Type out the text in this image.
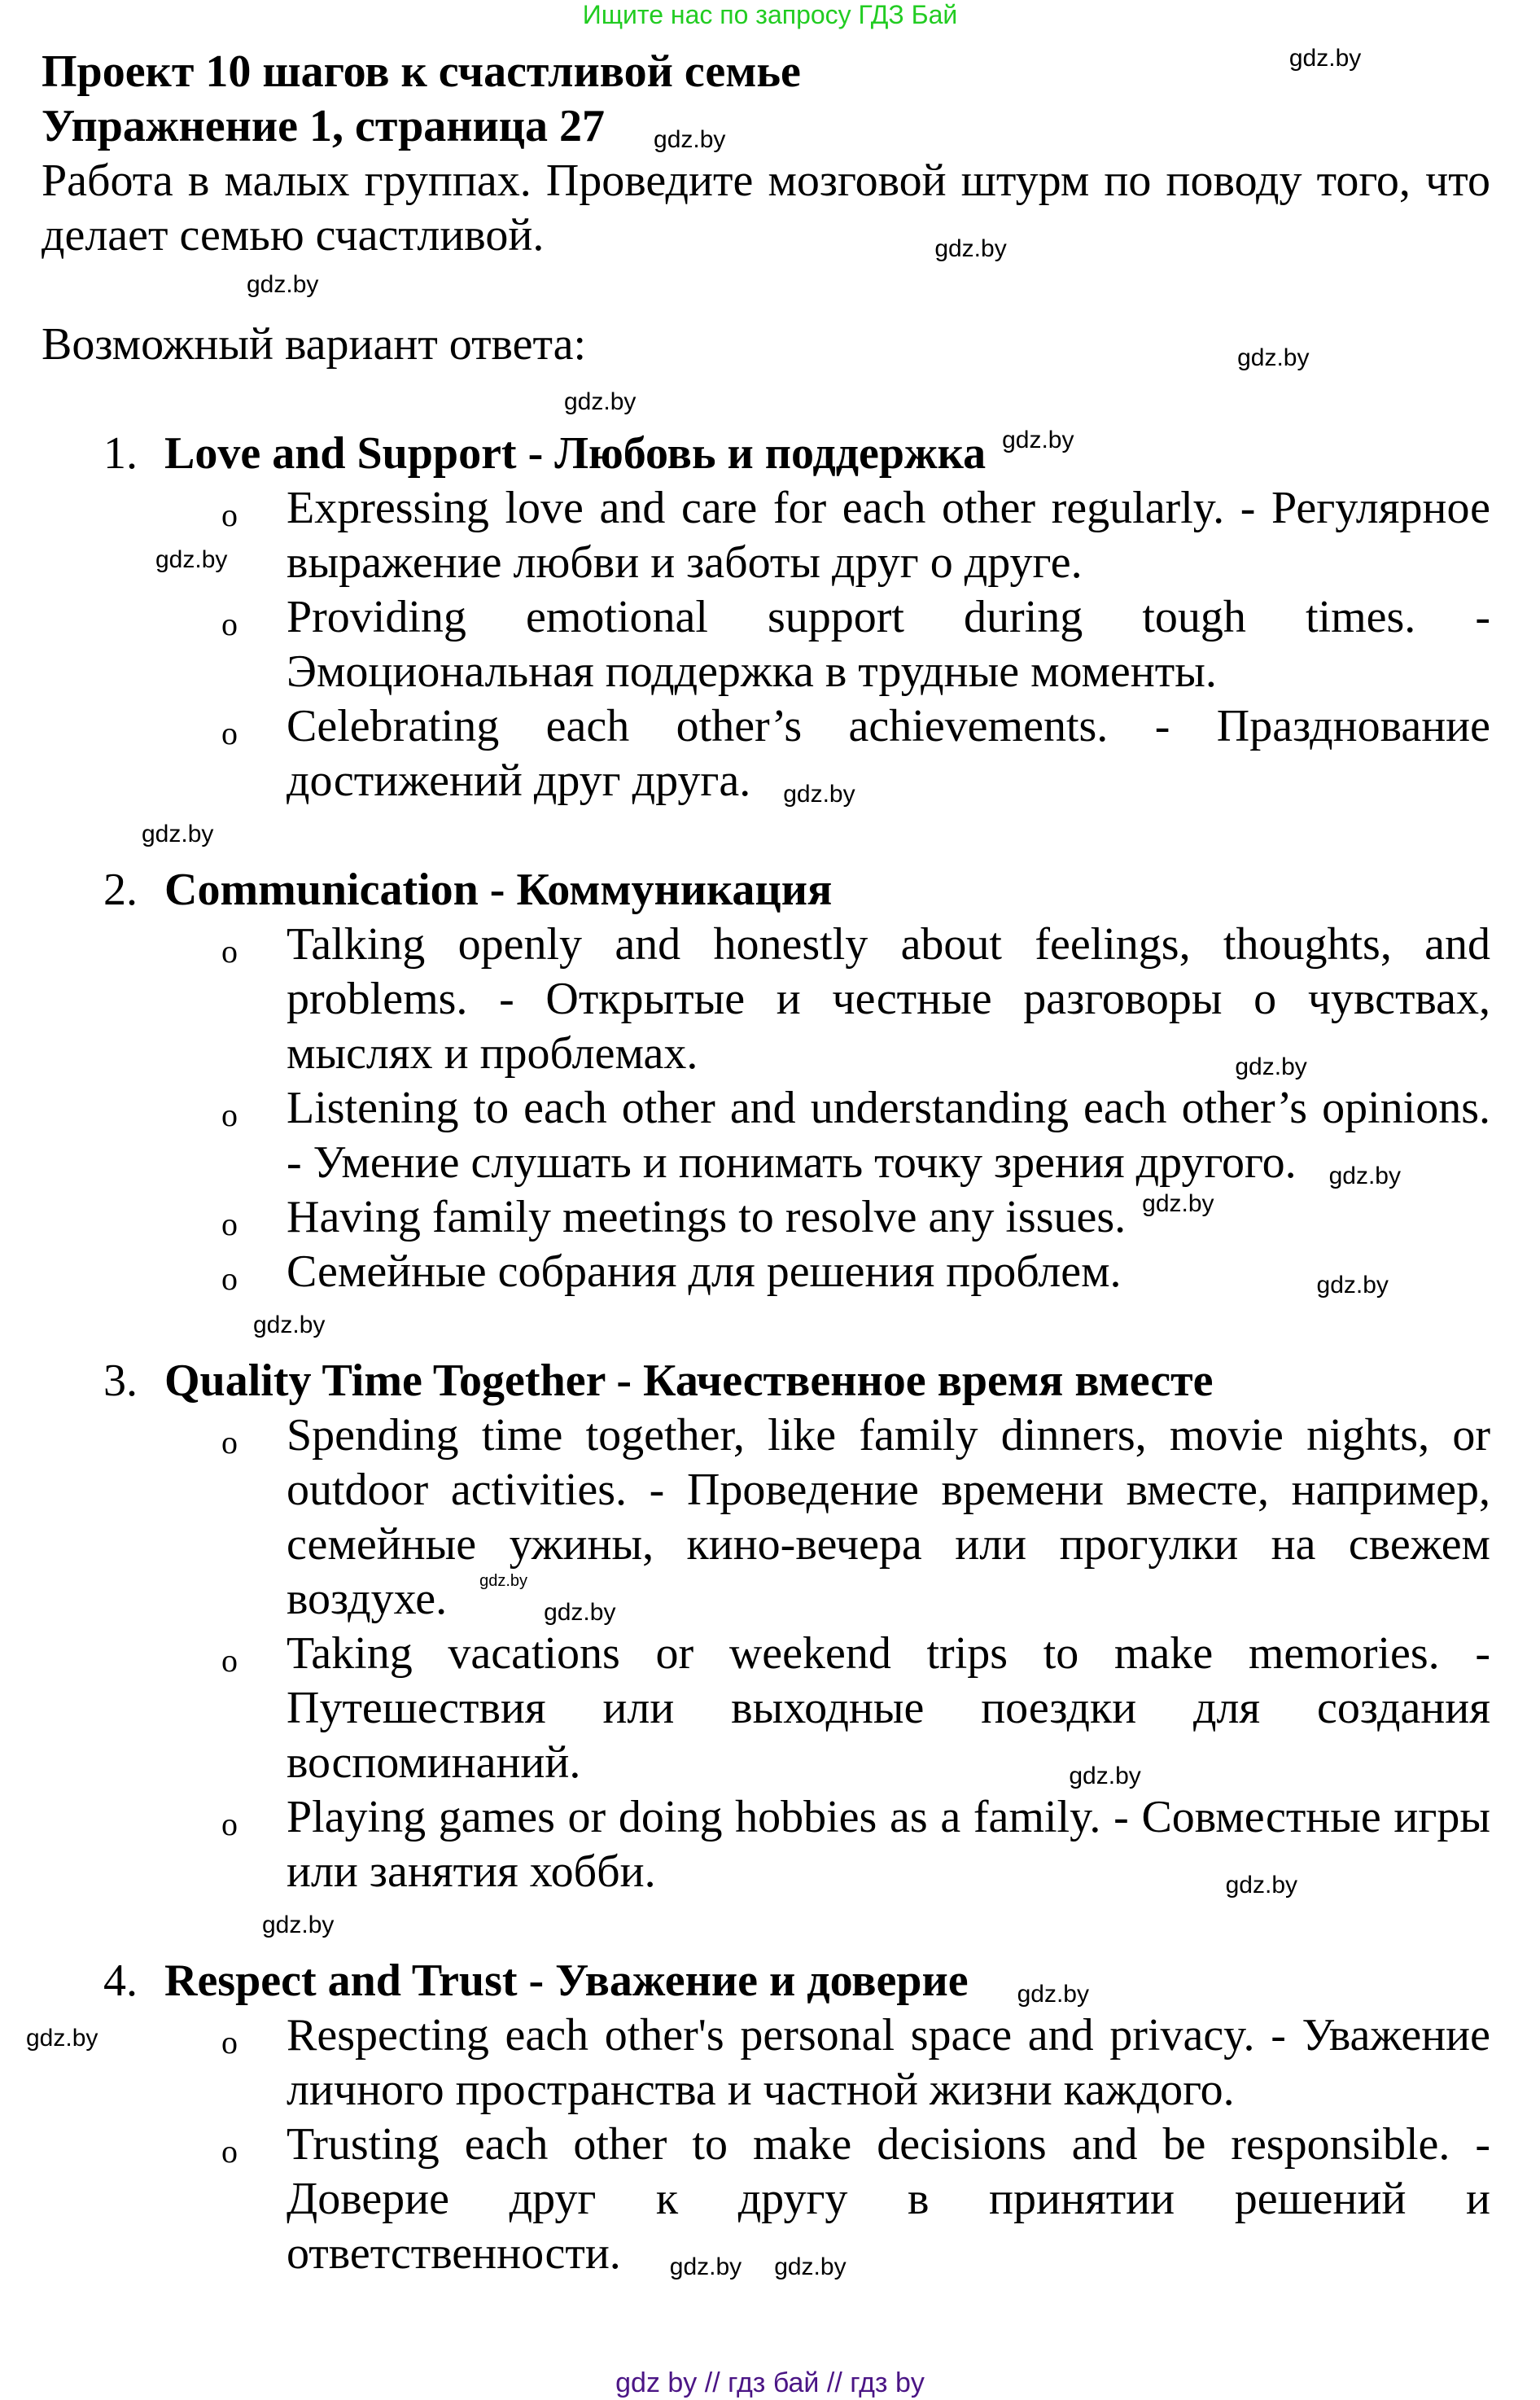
Ищите нас по запросу ГДЗ Бай
Проект 10 шагов к счастливой семье	gdz.by
Упражнение 1, страница 27 gdz.by
Работа в малых группах. Проведите мозговой штурм по поводу того, что делает семью счастливой.	gdz.by
gdz.by
Возможный вариант ответа:	gdz.by
gdz.by
1. Love and Support - Любовь и поддержка gdz.by
o
gdz.by
Expressing love and care for each other regularly. - Регулярное выражение любви и заботы друг о друге.
o Providing emotional support during tough times. - Эмоциональная поддержка в трудные моменты.
o Celebrating each other’s achievements. - Празднование достижений друг друга. gdz.by
gdz.by
2. Communication - Коммуникация
o Talking openly and honestly about feelings, thoughts, and problems. - Открытые и честные разговоры о чувствах, мыслях и проблемах.	gdz.by
o Listening to each other and understanding each other’s opinions. - Умение слушать и понимать точку зрения другого. gdz.by
o Having family meetings to resolve any issues. gdz.by
o Семейные собрания для решения проблем.	gdz.by
gdz.by
3. Quality Time Together - Качественное время вместе
o Spending time together, like family dinners, movie nights, or outdoor activities. - Проведение времени вместе, например, семейные ужины, кино-вечера или прогулки на свежем воздухе. gdz.bygdz.by
o Taking vacations or weekend trips to make memories. - Путешествия или выходные поездки для создания воспоминаний.	gdz.by
o Playing games or doing hobbies as a family. - Совместные игры или занятия хобби.	gdz.by
gdz.by
4. Respect and Trust - Уважение и доверие gdz.by
o
gdz.by	Respecting each other's personal space and privacy. - Уважение личного пространства и частной жизни каждого.
o Trusting each other to make decisions and be responsible. - Доверие друг к другу в принятии решений и ответственности. gdz.by gdz.by
gdz by // гдз бай // гдз by
